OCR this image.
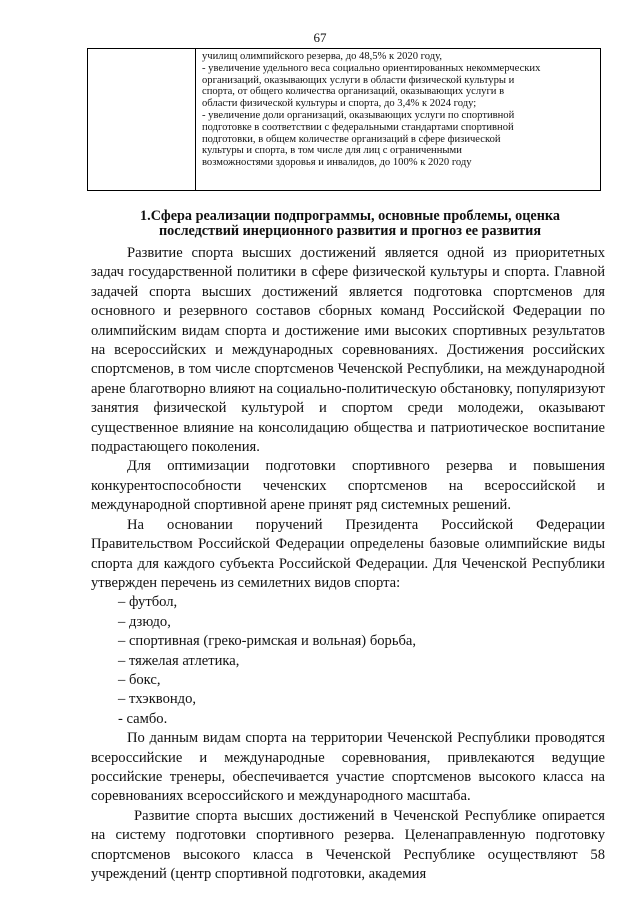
67
училищ олимпийского резерва, до 48,5% к 2020 году,
- увеличение удельного веса социально ориентированных некоммерческих
организаций, оказывающих услуги в области физической культуры и
спорта, от общего количества организаций, оказывающих услуги в
области физической культуры и спорта, до 3,4% к 2024 году;
- увеличение доли организаций, оказывающих услуги по спортивной
подготовке в соответствии с федеральными стандартами спортивной
подготовки, в общем количестве организаций в сфере физической
культуры и спорта, в том числе для лиц с ограниченными
возможностями здоровья и инвалидов, до 100% к 2020 году
1.Сфера реализации подпрограммы, основные проблемы, оценка
последствий инерционного развития и прогноз ее развития

Развитие спорта высших достижений является одной из приоритетных задач государственной политики в сфере физической культуры и спорта. Главной задачей спорта высших достижений является подготовка спортсменов для основного и резервного составов сборных команд Российской Федерации по олимпийским видам спорта и достижение ими высоких спортивных результатов на всероссийских и международных соревнованиях. Достижения российских спортсменов, в том числе спортсменов Чеченской Республики, на международной арене благотворно влияют на социально-политическую обстановку, популяризуют занятия физической культурой и спортом среди молодежи, оказывают существенное влияние на консолидацию общества и патриотическое воспитание подрастающего поколения.

Для оптимизации подготовки спортивного резерва и повышения конкурентоспособности чеченских спортсменов на всероссийской и международной спортивной арене принят ряд системных решений.

На основании поручений Президента Российской Федерации Правительством Российской Федерации определены базовые олимпийские виды спорта для каждого субъекта Российской Федерации. Для Чеченской Республики утвержден перечень из семилетних видов спорта:

– футбол,
– дзюдо,
– спортивная (греко-римская и вольная) борьба,
– тяжелая атлетика,
– бокс,
– тхэквондо,
- самбо.

По данным видам спорта на территории Чеченской Республики проводятся всероссийские и международные соревнования, привлекаются ведущие российские тренеры, обеспечивается участие спортсменов высокого класса на соревнованиях всероссийского и международного масштаба.

Развитие спорта высших достижений в Чеченской Республике опирается на систему подготовки спортивного резерва. Целенаправленную подготовку спортсменов высокого класса в Чеченской Республике осуществляют 58 учреждений (центр спортивной подготовки, академия
